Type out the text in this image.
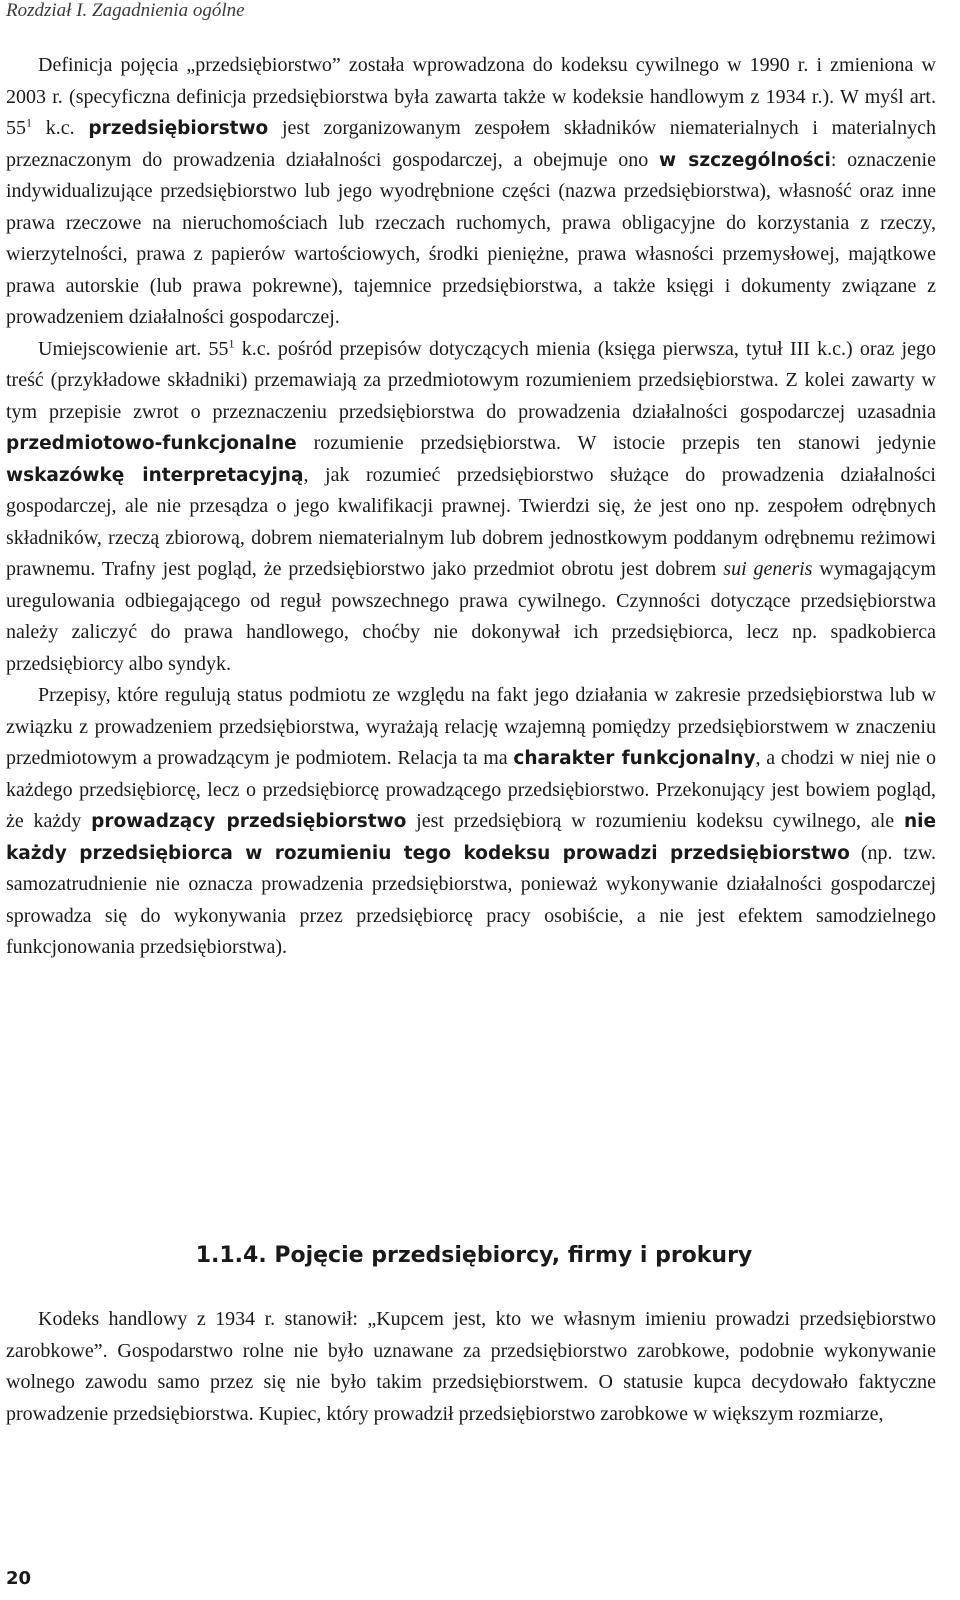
Rozdział I. Zagadnienia ogólne

Definicja pojęcia „przedsiębiorstwo” została wprowadzona do kodeksu cywilnego w 1990 r. i zmieniona w 2003 r. (specyficzna definicja przedsiębiorstwa była zawarta także w kodeksie handlowym z 1934 r.). W myśl art. $55^1$ k.c. przedsiębiorstwo jest zorganizowanym zespołem składników niematerialnych i materialnych przeznaczonym do prowadzenia działalności gospodarczej, a obejmuje ono w szczególności: oznaczenie indywidualizujące przedsiębiorstwo lub jego wyodrębnione części (nazwa przedsiębiorstwa), własność oraz inne prawa rzeczowe na nieruchomościach lub rzeczach ruchomych, prawa obligacyjne do korzystania z rzeczy, wierzytelności, prawa z papierów wartościowych, środki pieniężne, prawa własności przemysłowej, majątkowe prawa autorskie (lub prawa pokrewne), tajemnice przedsiębiorstwa, a także księgi i dokumenty związane z prowadzeniem działalności gospodarczej.

Umiejscowienie art. $55^1$ k.c. pośród przepisów dotyczących mienia (księga pierwsza, tytuł III k.c.) oraz jego treść (przykładowe składniki) przemawiają za przedmiotowym rozumieniem przedsiębiorstwa. Z kolei zawarty w tym przepisie zwrot o przeznaczeniu przedsiębiorstwa do prowadzenia działalności gospodarczej uzasadnia przedmiotowo-funkcjonalne rozumienie przedsiębiorstwa. W istocie przepis ten stanowi jedynie wskazówkę interpretacyjną, jak rozumieć przedsiębiorstwo służące do prowadzenia działalności gospodarczej, ale nie przesądza o jego kwalifikacji prawnej. Twierdzi się, że jest ono np. zespołem odrębnych składników, rzeczą zbiorową, dobrem niematerialnym lub dobrem jednostkowym poddanym odrębnemu reżimowi prawnemu. Trafny jest pogląd, że przedsiębiorstwo jako przedmiot obrotu jest dobrem sui generis wymagającym uregulowania odbiegającego od reguł powszechnego prawa cywilnego. Czynności dotyczące przedsiębiorstwa należy zaliczyć do prawa handlowego, choćby nie dokonywał ich przedsiębiorca, lecz np. spadkobierca przedsiębiorcy albo syndyk.

Przepisy, które regulują status podmiotu ze względu na fakt jego działania w zakresie przedsiębiorstwa lub w związku z prowadzeniem przedsiębiorstwa, wyrażają relację wzajemną pomiędzy przedsiębiorstwem w znaczeniu przedmiotowym a prowadzącym je podmiotem. Relacja ta ma charakter funkcjonalny, a chodzi w niej nie o każdego przedsiębiorcę, lecz o przedsiębiorcę prowadzącego przedsiębiorstwo. Przekonujący jest bowiem pogląd, że każdy prowadzący przedsiębiorstwo jest przedsiębiorą w rozumieniu kodeksu cywilnego, ale nie każdy przedsiębiorca w rozumieniu tego kodeksu prowadzi przedsiębiorstwo (np. tzw. samozatrudnienie nie oznacza prowadzenia przedsiębiorstwa, ponieważ wykonywanie działalności gospodarczej sprowadza się do wykonywania przez przedsiębiorcę pracy osobiście, a nie jest efektem samodzielnego funkcjonowania przedsiębiorstwa).

1.1.4. Pojęcie przedsiębiorcy, firmy i prokury

Kodeks handlowy z 1934 r. stanowił: „Kupcem jest, kto we własnym imieniu prowadzi przedsiębiorstwo zarobkowe”. Gospodarstwo rolne nie było uznawane za przedsiębiorstwo zarobkowe, podobnie wykonywanie wolnego zawodu samo przez się nie było takim przedsiębiorstwem. O statusie kupca decydowało faktyczne prowadzenie przedsiębiorstwa. Kupiec, który prowadził przedsiębiorstwo zarobkowe w większym rozmiarze,

20
